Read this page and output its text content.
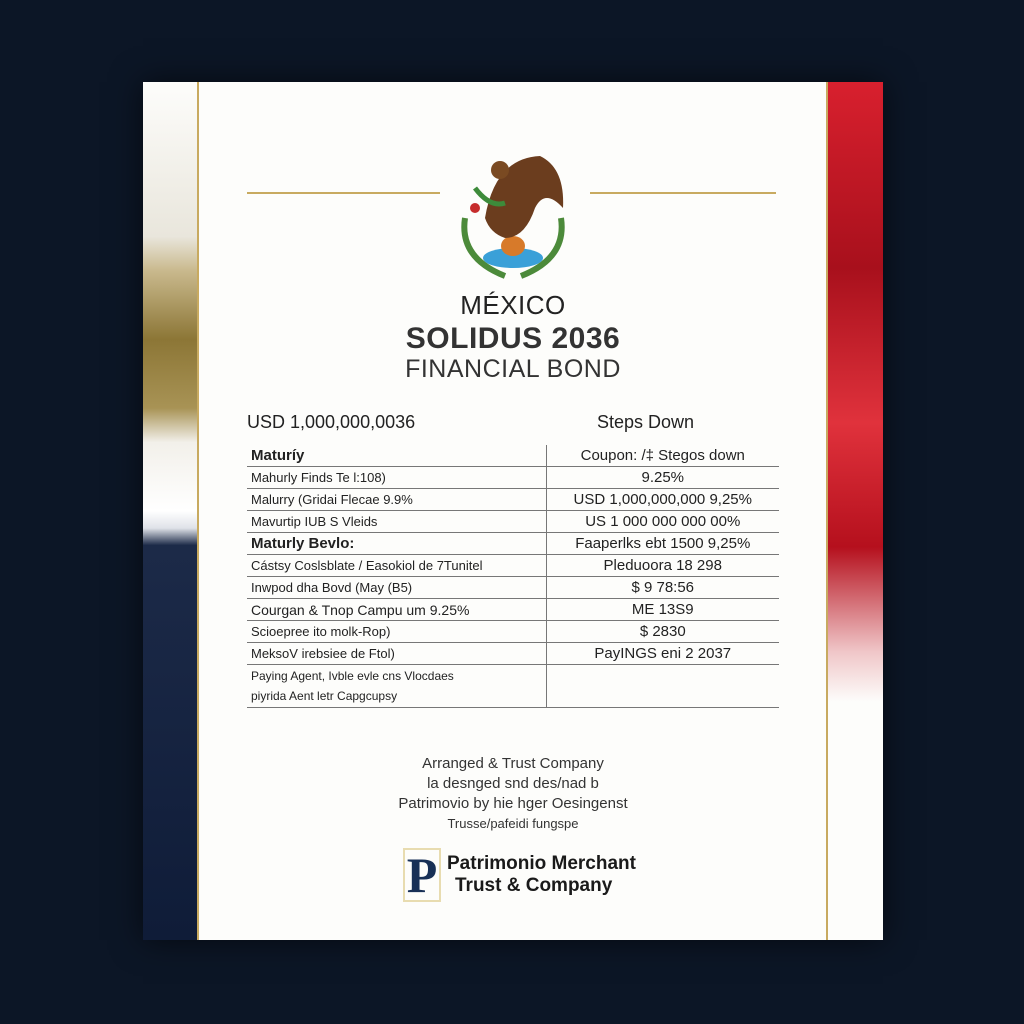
MÉXICO
SOLIDUS 2036
FINANCIAL BOND
USD 1,000,000,0036	Steps Down
Maturíy	Coupon: /‡ Stegos down
Mahurly Finds Te l:108)	9.25%
Malurry (Gridai Flecae 9.9%	USD 1,000,000,000 9,25%
Mavurtip IUB S Vleids	US 1 000 000 000 00%
Maturly Bevlo:	Faaperlks ebt 1500 9,25%
Cástsy Coslsblate / Easokiol de 7Tunitel	Pleduoora 18 298
Inwpod dha Bovd (May (B5)	$ 9 78:56
Courgan & Tnop Campu um 9.25%	ME 13S9
Scioepree ito molk-Rop)	$ 2830
MeksoV irebsiee de Ftol)	PayINGS eni 2 2037

Paying Agent, Ivble evle cns Vlocdaes
piyrida Aent letr Capgcupsy	

Arranged & Trust Company
la desnged snd des/nad b
Patrimovio by hie hger Oesingenst
Trusse/pafeidi fungspe
P Patrimonio Merchant
Trust & Company
